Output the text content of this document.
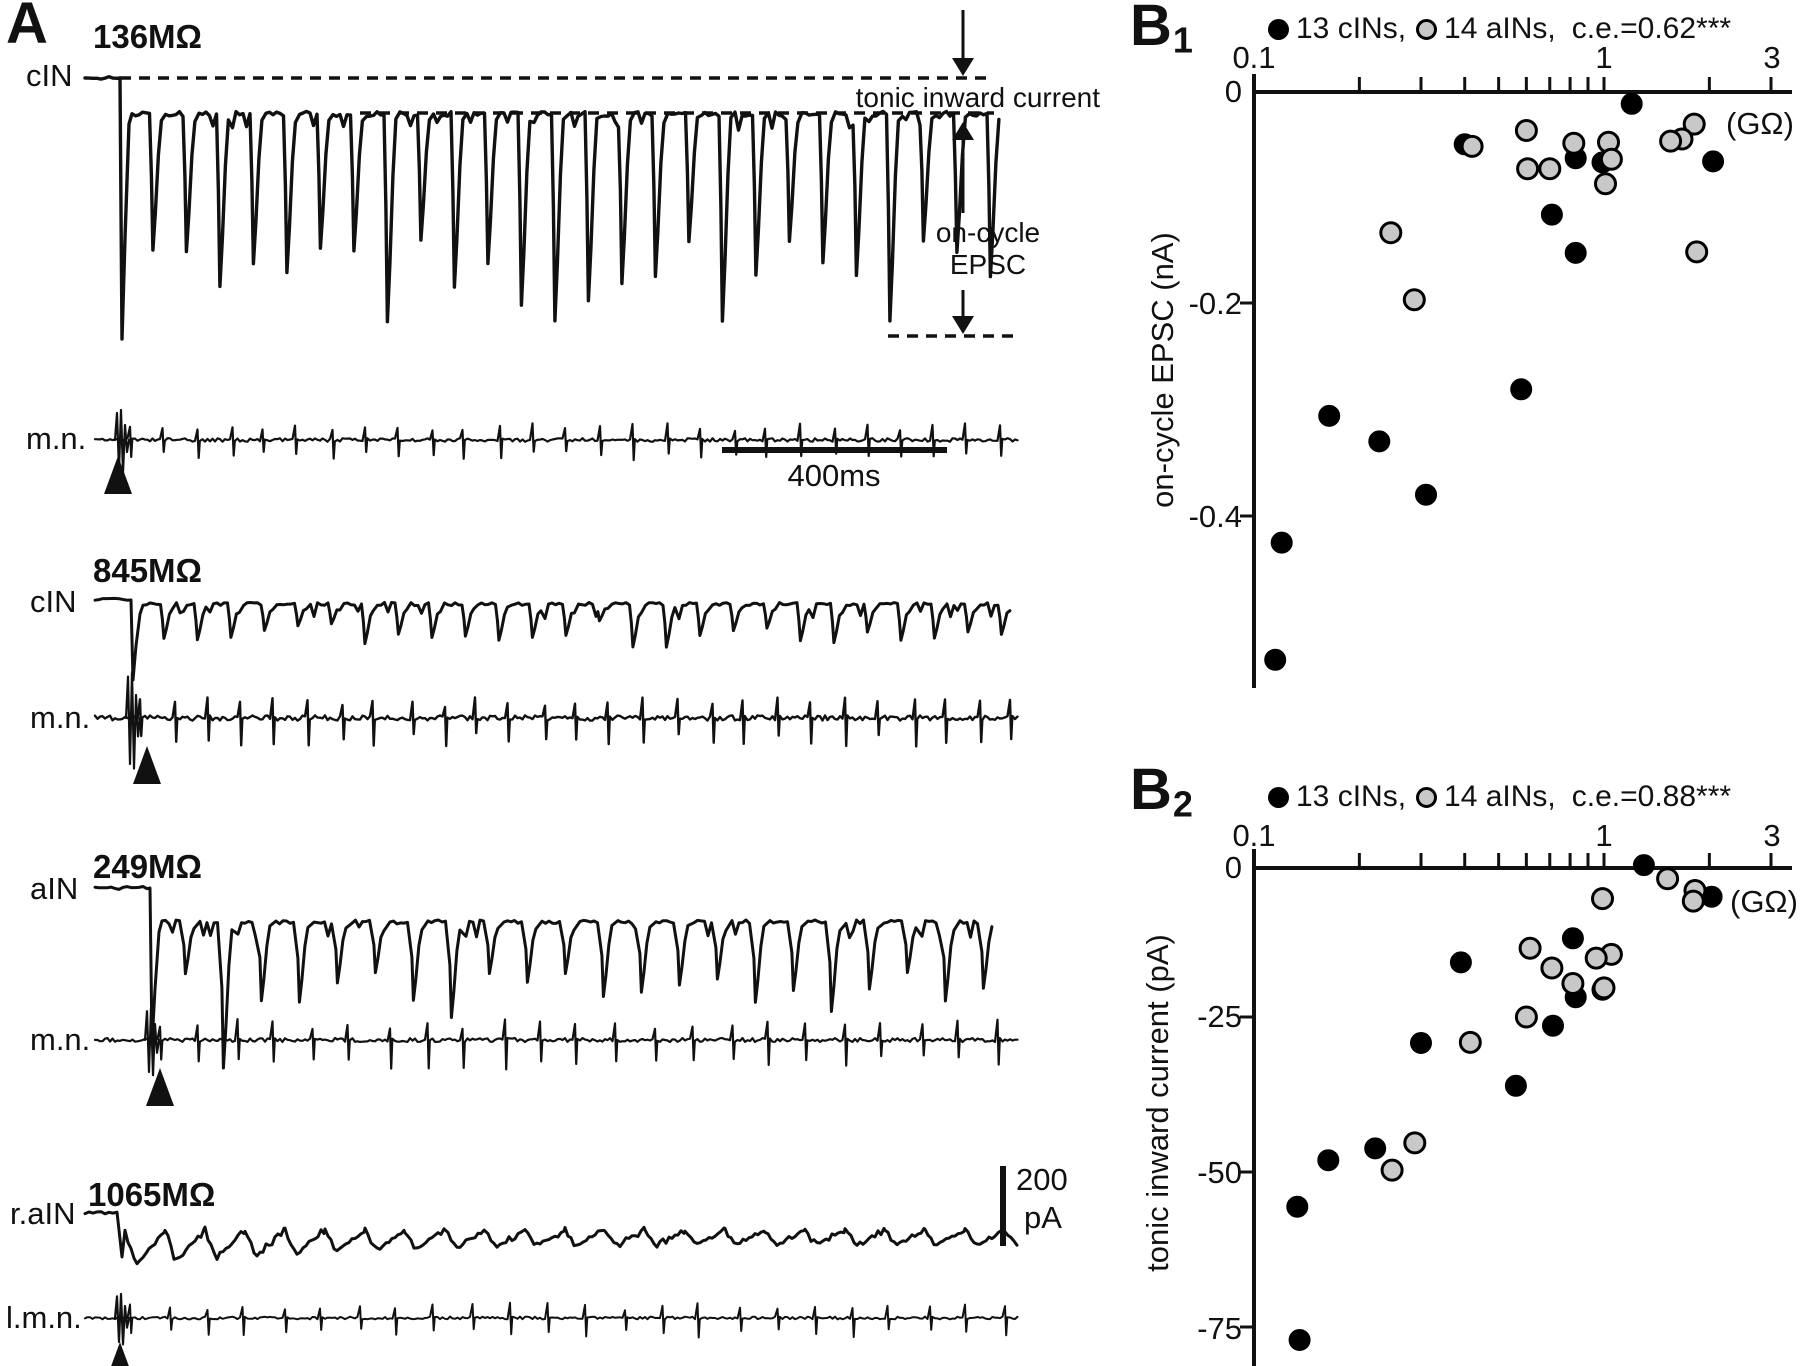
A 136MΩ
cIN
m.n.
tonic inward current
on-cycle
EPSC
400ms
845MΩ
cIN
m.n.
249MΩ
aIN
m.n.
1065MΩ
r.aIN
l.m.n.
200
pA
B1	13 cINs, 14 aINs, c.e.=0.62***
0.1	1	3
0
-0.2
-0.4
(GΩ)
on-cycle EPSC (nA)
B2	13 cINs, 14 aINs, c.e.=0.88***
0.1	1	3
0
-25
-50
-75
(GΩ)
tonic inward current (pA)
